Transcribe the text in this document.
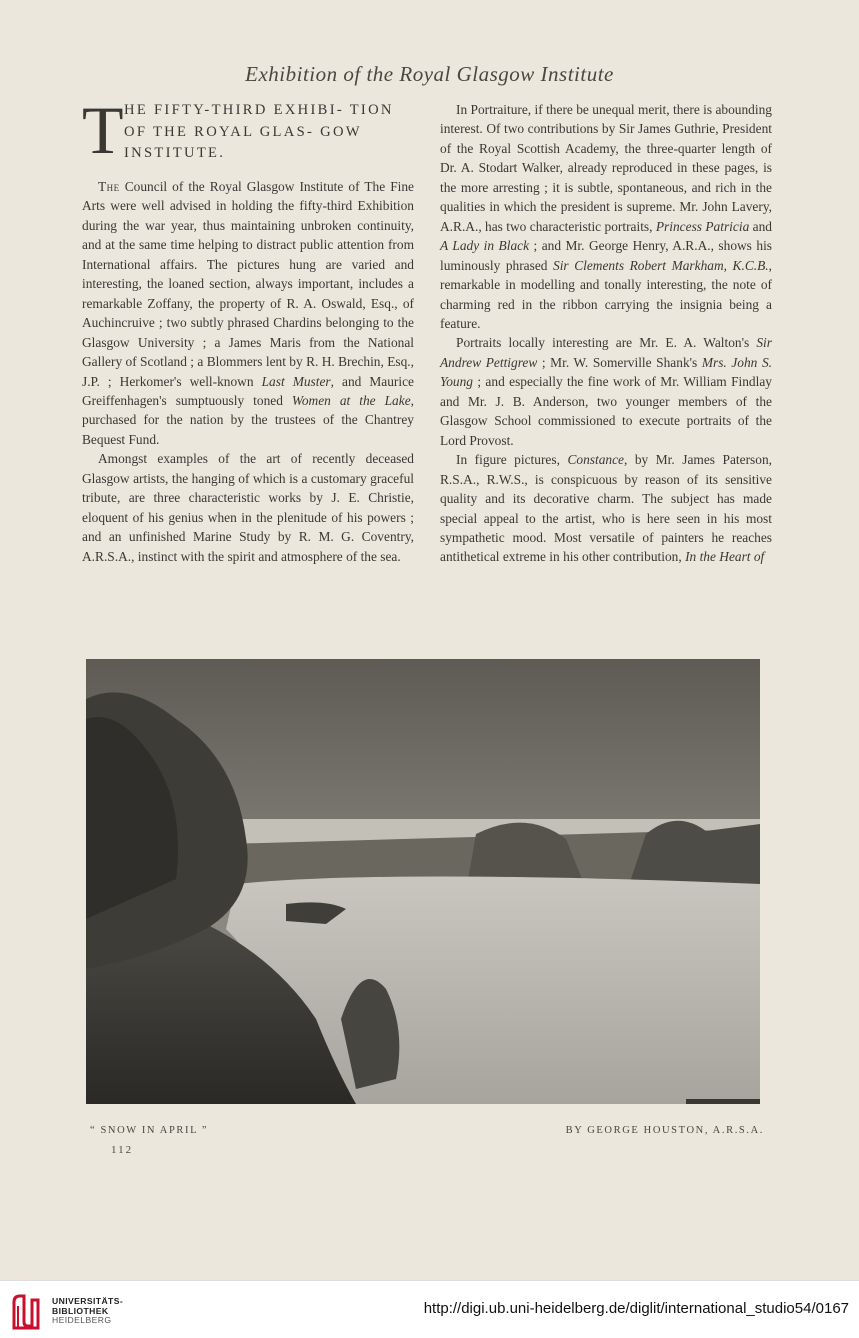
Exhibition of the Royal Glasgow Institute
T HE FIFTY-THIRD EXHIBI- TION OF THE ROYAL GLAS- GOW INSTITUTE.

The Council of the Royal Glasgow Institute of The Fine Arts were well advised in holding the fifty-third Exhibition during the war year, thus maintaining unbroken continuity, and at the same time helping to distract public attention from International affairs. The pictures hung are varied and interesting, the loaned section, always important, includes a remarkable Zoffany, the property of R. A. Oswald, Esq., of Auchincruive ; two subtly phrased Chardins belonging to the Glasgow University ; a James Maris from the National Gallery of Scotland ; a Blommers lent by R. H. Brechin, Esq., J.P. ; Herkomer's well-known Last Muster, and Maurice Greiffenhagen's sumptuously toned Women at the Lake, purchased for the nation by the trustees of the Chantrey Bequest Fund.

Amongst examples of the art of recently deceased Glasgow artists, the hanging of which is a customary graceful tribute, are three characteristic works by J. E. Christie, eloquent of his genius when in the plenitude of his powers ; and an unfinished Marine Study by R. M. G. Coventry, A.R.S.A., instinct with the spirit and atmosphere of the sea.

In Portraiture, if there be unequal merit, there is abounding interest. Of two contributions by Sir James Guthrie, President of the Royal Scottish Academy, the three-quarter length of Dr. A. Stodart Walker, already reproduced in these pages, is the more arresting ; it is subtle, spontaneous, and rich in the qualities in which the president is supreme. Mr. John Lavery, A.R.A., has two characteristic portraits, Princess Patricia and A Lady in Black ; and Mr. George Henry, A.R.A., shows his luminously phrased Sir Clements Robert Markham, K.C.B., remarkable in modelling and tonally interesting, the note of charming red in the ribbon carrying the insignia being a feature.

Portraits locally interesting are Mr. E. A. Walton's Sir Andrew Pettigrew ; Mr. W. Somerville Shank's Mrs. John S. Young ; and especially the fine work of Mr. William Findlay and Mr. J. B. Anderson, two younger members of the Glasgow School commissioned to execute portraits of the Lord Provost.

In figure pictures, Constance, by Mr. James Paterson, R.S.A., R.W.S., is conspicuous by reason of its sensitive quality and its decorative charm. The subject has made special appeal to the artist, who is here seen in his most sympathetic mood. Most versatile of painters he reaches antithetical extreme in his other contribution, In the Heart of

“ SNOW IN APRIL ”	BY GEORGE HOUSTON, A.R.S.A.
112
UNIVERSITÄTS-
BIBLIOTHEK
HEIDELBERG
http://digi.ub.uni-heidelberg.de/diglit/international_studio54/0167
